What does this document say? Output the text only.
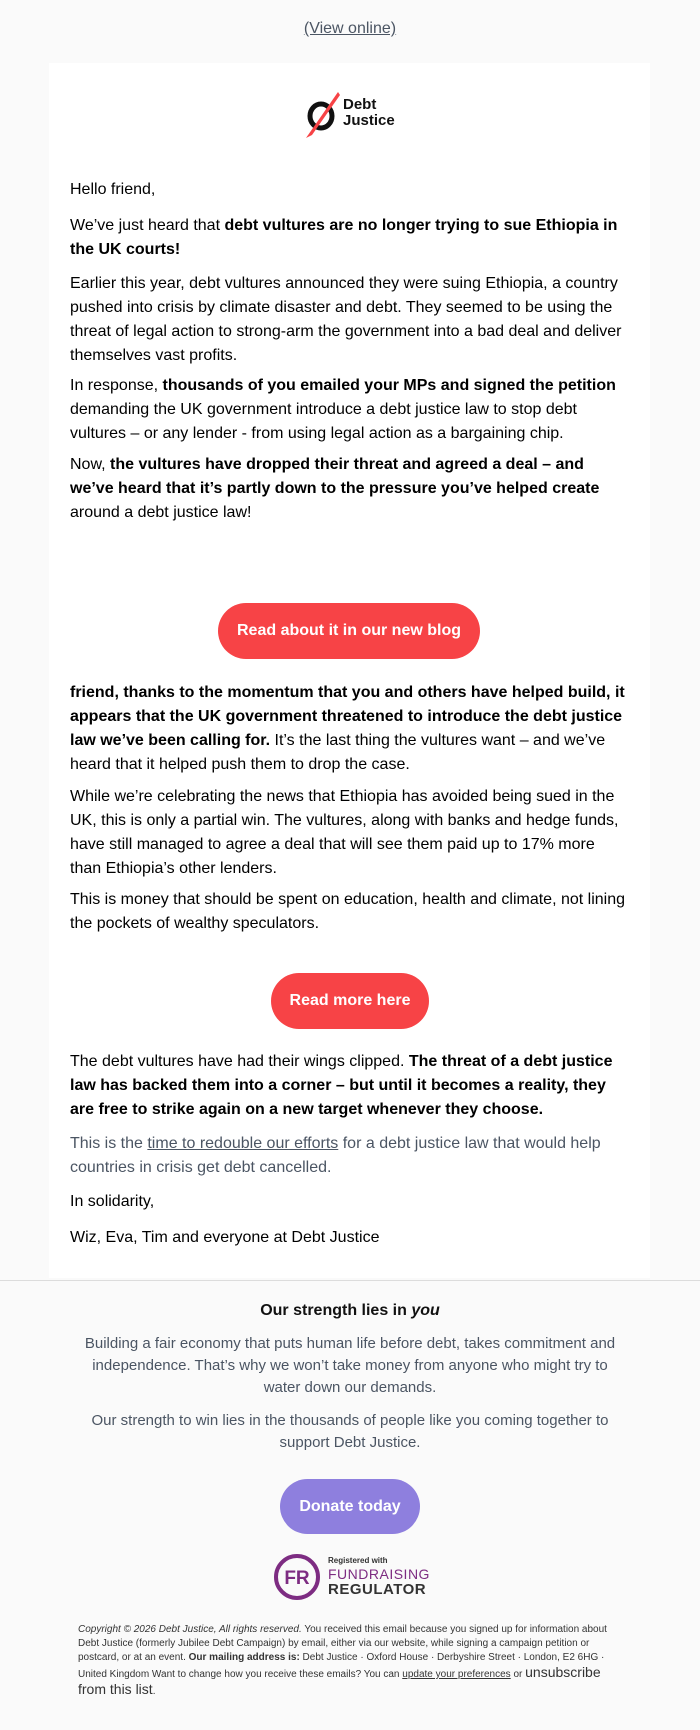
(View online)
Debt
Justice
Hello friend,
We’ve just heard that debt vultures are no longer trying to sue Ethiopia in the UK courts!
Earlier this year, debt vultures announced they were suing Ethiopia, a country pushed into crisis by climate disaster and debt. They seemed to be using the threat of legal action to strong-arm the government into a bad deal and deliver themselves vast profits.
In response, thousands of you emailed your MPs and signed the petition demanding the UK government introduce a debt justice law to stop debt vultures – or any lender - from using legal action as a bargaining chip.
Now, the vultures have dropped their threat and agreed a deal – and we’ve heard that it’s partly down to the pressure you’ve helped create around a debt justice law!
Read about it in our new blog
friend, thanks to the momentum that you and others have helped build, it appears that the UK government threatened to introduce the debt justice law we’ve been calling for. It’s the last thing the vultures want – and we’ve heard that it helped push them to drop the case.
While we’re celebrating the news that Ethiopia has avoided being sued in the UK, this is only a partial win. The vultures, along with banks and hedge funds, have still managed to agree a deal that will see them paid up to 17% more than Ethiopia’s other lenders.
This is money that should be spent on education, health and climate, not lining the pockets of wealthy speculators.
Read more here
The debt vultures have had their wings clipped. The threat of a debt justice law has backed them into a corner – but until it becomes a reality, they are free to strike again on a new target whenever they choose.
This is the time to redouble our efforts for a debt justice law that would help countries in crisis get debt cancelled.
In solidarity,
Wiz, Eva, Tim and everyone at Debt Justice
Our strength lies in you
Building a fair economy that puts human life before debt, takes commitment and independence. That’s why we won’t take money from anyone who might try to water down our demands.
Our strength to win lies in the thousands of people like you coming together to support Debt Justice.
Donate today
FR
Registered with
FUNDRAISING
REGULATOR
Copyright © 2026 Debt Justice, All rights reserved. You received this email because you signed up for information about Debt Justice (formerly Jubilee Debt Campaign) by email, either via our website, while signing a campaign petition or postcard, or at an event. Our mailing address is: Debt Justice · Oxford House · Derbyshire Street · London, E2 6HG · United Kingdom Want to change how you receive these emails? You can update your preferences or unsubscribe from this list.
